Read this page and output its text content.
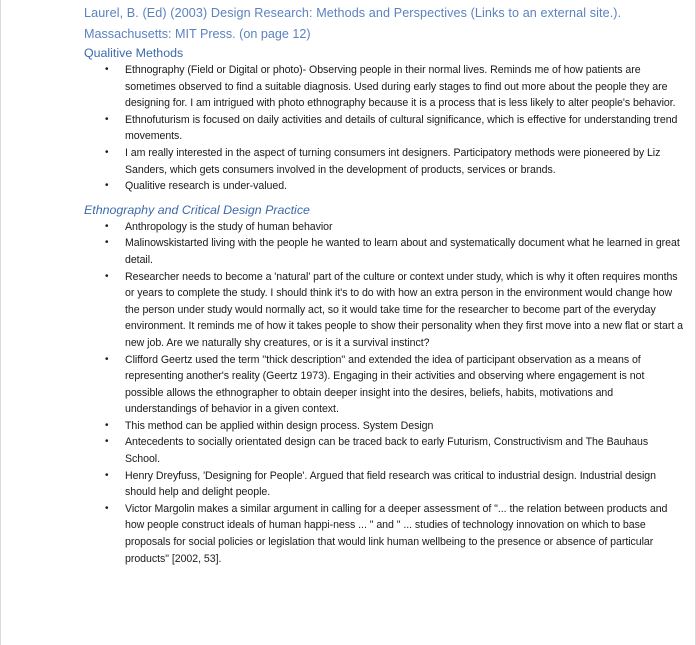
Laurel, B. (Ed) (2003) Design Research: Methods and Perspectives (Links to an external site.).
Massachusetts: MIT Press. (on page 12)

Qualitive Methods

• Ethnography (Field or Digital or photo)- Observing people in their normal lives. Reminds me of how patients are sometimes observed to find a suitable diagnosis. Used during early stages to find out more about the people they are designing for. I am intrigued with photo ethnography because it is a process that is less likely to alter people's behavior.
• Ethnofuturism is focused on daily activities and details of cultural significance, which is effective for understanding trend movements.
• I am really interested in the aspect of turning consumers int designers. Participatory methods were pioneered by Liz Sanders, which gets consumers involved in the development of products, services or brands.
• Qualitive research is under-valued.

Ethnography and Critical Design Practice

• Anthropology is the study of human behavior
• Malinowskistarted living with the people he wanted to learn about and systematically document what he learned in great detail.
• Researcher needs to become a 'natural' part of the culture or context under study, which is why it often requires months or years to complete the study. I should think it's to do with how an extra person in the environment would change how the person under study would normally act, so it would take time for the researcher to become part of the everyday environment. It reminds me of how it takes people to show their personality when they first move into a new flat or start a new job. Are we naturally shy creatures, or is it a survival instinct?
• Clifford Geertz used the term ''thick description'' and extended the idea of participant observation as a means of representing another's reality (Geertz 1973). Engaging in their activities and observing where engagement is not possible allows the ethnographer to obtain deeper insight into the desires, beliefs, habits, motivations and understandings of behavior in a given context.
• This method can be applied within design process. System Design
• Antecedents to socially orientated design can be traced back to early Futurism, Constructivism and The Bauhaus School.
• Henry Dreyfuss, 'Designing for People'. Argued that field research was critical to industrial design. Industrial design should help and delight people.
• Victor Margolin makes a similar argument in calling for a deeper assessment of "... the relation between products and how people construct ideals of human happi-ness ... " and " ... studies of technology innovation on which to base proposals for social policies or legislation that would link human wellbeing to the presence or absence of particular products" [2002, 53].
